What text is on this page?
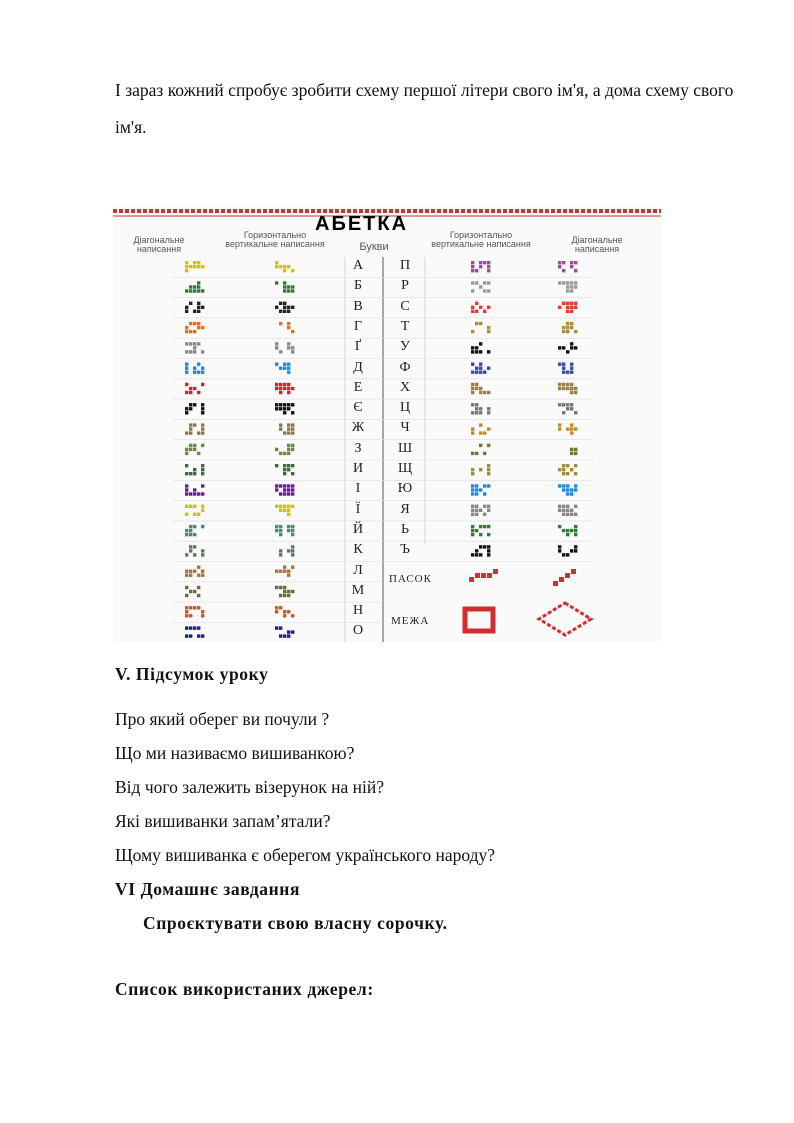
І зараз кожний спробує зробити схему першої літери свого ім'я, а дома схему свого ім'я.
АБЕТКА
Діагональне написання
Горизонтально вертикальне написання	Букви
Горизонтально вертикальне написання	Діагональне написання
А
Б
В
Г
Ґ
Д
Е
Є
Ж
З
И
І
Ї
Й
К
Л
М
Н
О
П
Р
С
Т
У
Ф
Х
Ц
Ч
Ш
Щ
Ю
Я
Ь
Ъ
ПАСОК
МЕЖА
V. Підсумок уроку
Про який оберег ви почули ?
Що ми називаємо вишиванкою?
Від чого залежить візерунок на ній?
Які вишиванки запам’ятали?
Щому вишиванка є оберегом українського народу?
VI Домашнє завдання
Спроєктувати свою власну сорочку.
Список використаних джерел:
